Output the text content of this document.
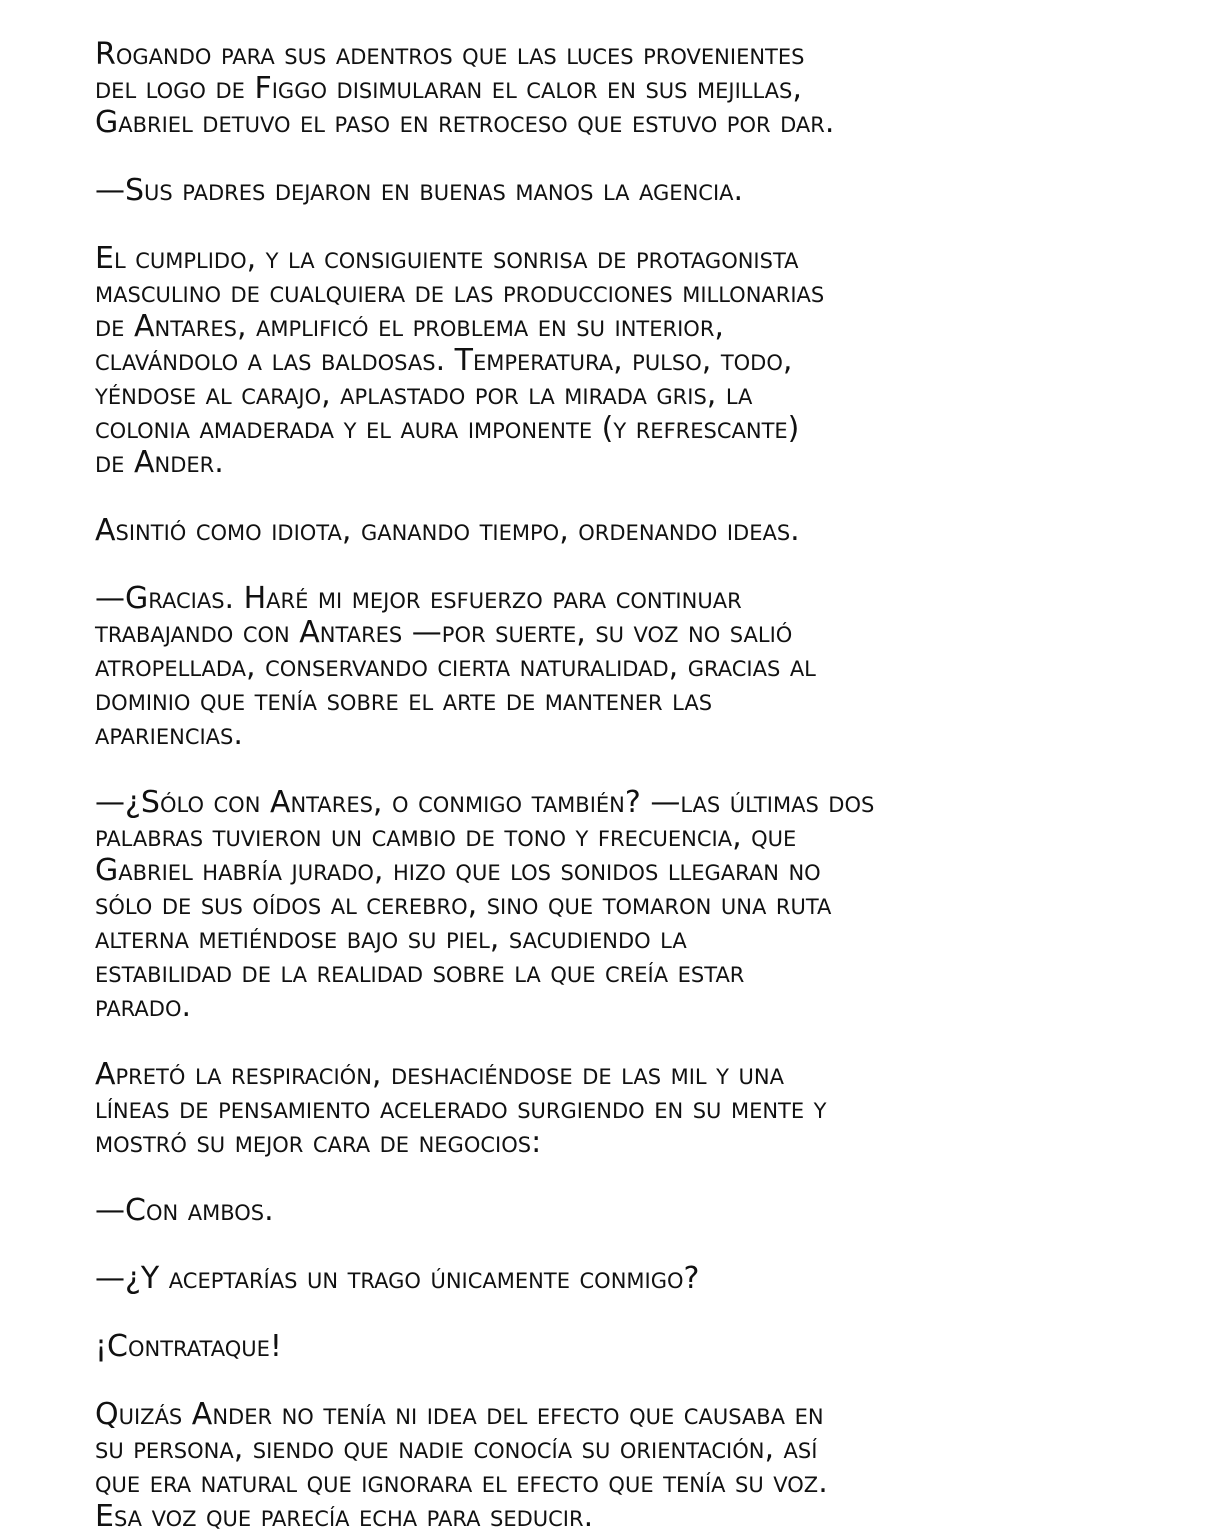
Rogando para sus adentros que las luces provenientes
del logo de Figgo disimularan el calor en sus mejillas,
Gabriel detuvo el paso en retroceso que estuvo por dar.

—Sus padres dejaron en buenas manos la agencia.

El cumplido, y la consiguiente sonrisa de protagonista
masculino de cualquiera de las producciones millonarias
de Antares, amplificó el problema en su interior,
clavándolo a las baldosas. Temperatura, pulso, todo,
yéndose al carajo, aplastado por la mirada gris, la
colonia amaderada y el aura imponente (y refrescante)
de Ander.

Asintió como idiota, ganando tiempo, ordenando ideas.

—Gracias. Haré mi mejor esfuerzo para continuar
trabajando con Antares —por suerte, su voz no salió
atropellada, conservando cierta naturalidad, gracias al
dominio que tenía sobre el arte de mantener las
apariencias.

—¿Sólo con Antares, o conmigo también? —las últimas dos
palabras tuvieron un cambio de tono y frecuencia, que
Gabriel habría jurado, hizo que los sonidos llegaran no
sólo de sus oídos al cerebro, sino que tomaron una ruta
alterna metiéndose bajo su piel, sacudiendo la
estabilidad de la realidad sobre la que creía estar
parado.

Apretó la respiración, deshaciéndose de las mil y una
líneas de pensamiento acelerado surgiendo en su mente y
mostró su mejor cara de negocios:

—Con ambos.

—¿Y aceptarías un trago únicamente conmigo?

¡Contrataque!

Quizás Ander no tenía ni idea del efecto que causaba en
su persona, siendo que nadie conocía su orientación, así
que era natural que ignorara el efecto que tenía su voz.
Esa voz que parecía echa para seducir.
